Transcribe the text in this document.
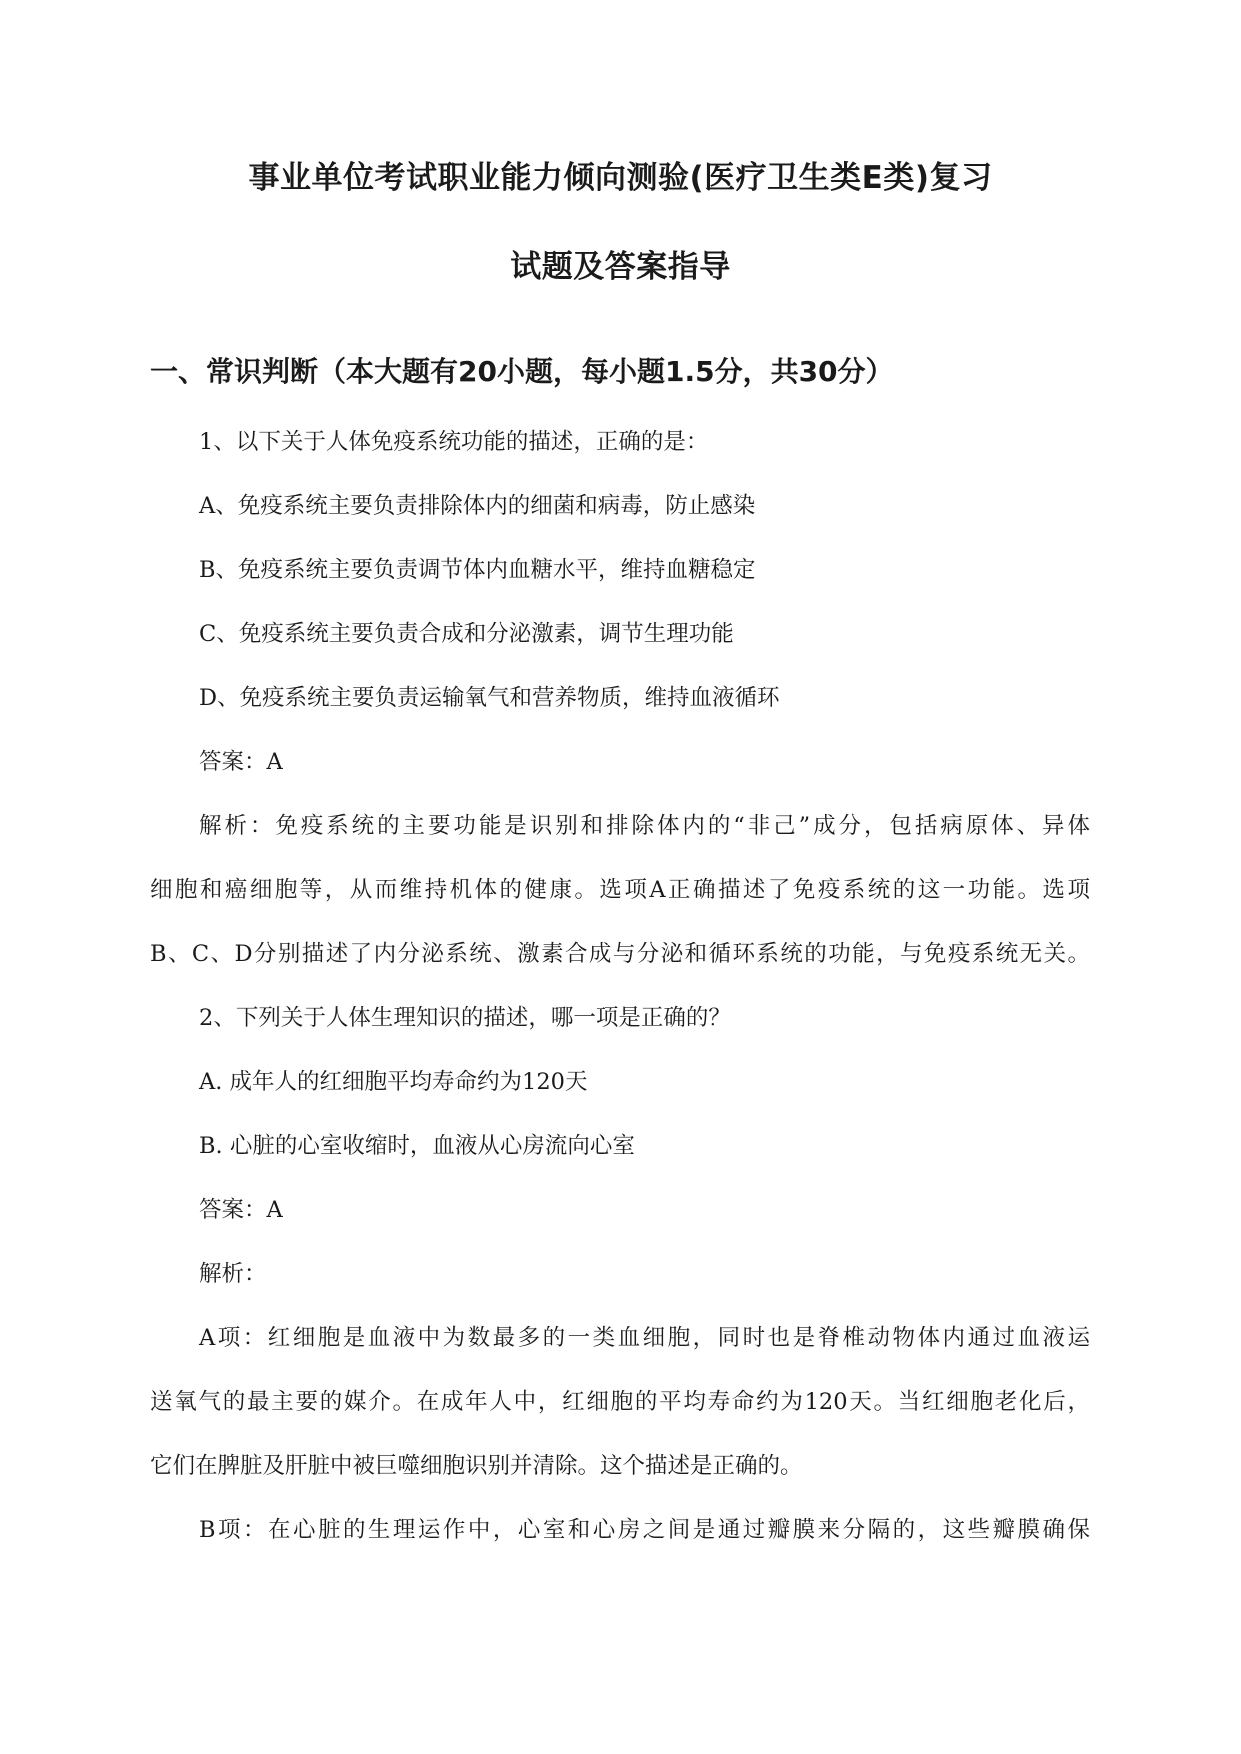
事业单位考试职业能力倾向测验(医疗卫生类E类)复习
试题及答案指导
一、常识判断（本大题有20小题，每小题1.5分，共30分）

1、以下关于人体免疫系统功能的描述，正确的是：

A、免疫系统主要负责排除体内的细菌和病毒，防止感染

B、免疫系统主要负责调节体内血糖水平，维持血糖稳定

C、免疫系统主要负责合成和分泌激素，调节生理功能

D、免疫系统主要负责运输氧气和营养物质，维持血液循环

答案：A

解析：免疫系统的主要功能是识别和排除体内的“非己”成分，包括病原体、异体

细胞和癌细胞等，从而维持机体的健康。选项A正确描述了免疫系统的这一功能。选项

B、C、D分别描述了内分泌系统、激素合成与分泌和循环系统的功能，与免疫系统无关。

2、下列关于人体生理知识的描述，哪一项是正确的？

A. 成年人的红细胞平均寿命约为120天

B. 心脏的心室收缩时，血液从心房流向心室

答案：A

解析：

A项：红细胞是血液中为数最多的一类血细胞，同时也是脊椎动物体内通过血液运

送氧气的最主要的媒介。在成年人中，红细胞的平均寿命约为120天。当红细胞老化后，

它们在脾脏及肝脏中被巨噬细胞识别并清除。这个描述是正确的。

B项：在心脏的生理运作中，心室和心房之间是通过瓣膜来分隔的，这些瓣膜确保
